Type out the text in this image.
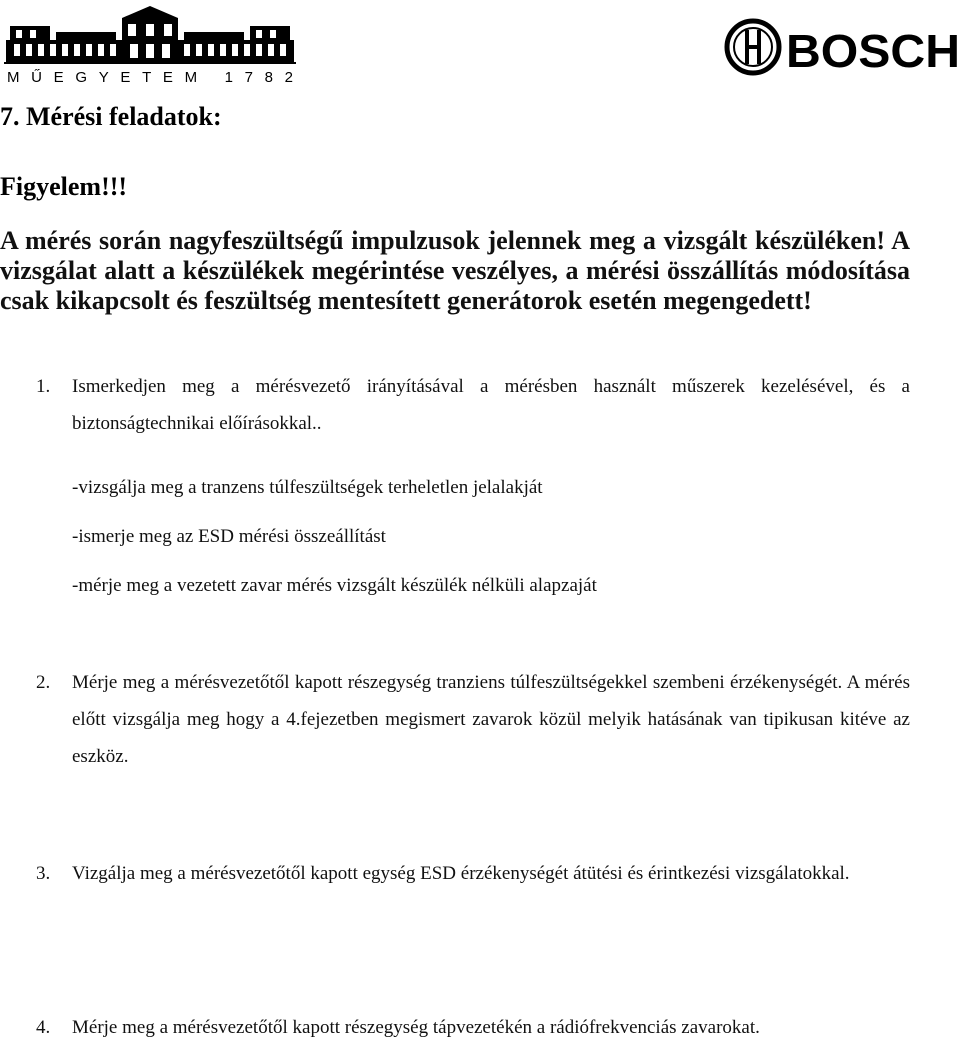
MŰEGYETEM 1782
BOSCH
7. Mérési feladatok:
Figyelem!!!

A mérés során nagyfeszültségű impulzusok jelennek meg a vizsgált készüléken! A vizsgálat alatt a készülékek megérintése veszélyes, a mérési összállítás módosítása csak kikapcsolt és feszültség mentesített generátorok esetén megengedett!

1.	Ismerkedjen meg a mérésvezető irányításával a mérésben használt műszerek kezelésével, és a biztonságtechnikai előírásokkal..
-vizsgálja meg a tranzens túlfeszültségek terheletlen jelalakját
-ismerje meg az ESD mérési összeállítást
-mérje meg a vezetett zavar mérés vizsgált készülék nélküli alapzaját
2.	Mérje meg a mérésvezetőtől kapott részegység tranziens túlfeszültségekkel szembeni érzékenységét. A mérés előtt vizsgálja meg hogy a 4.fejezetben megismert zavarok közül melyik hatásának van tipikusan kitéve az eszköz.
3.	Vizgálja meg a mérésvezetőtől kapott egység ESD érzékenységét átütési és érintkezési vizsgálatokkal.
4.	Mérje meg a mérésvezetőtől kapott részegység tápvezetékén a rádiófrekvenciás zavarokat.
